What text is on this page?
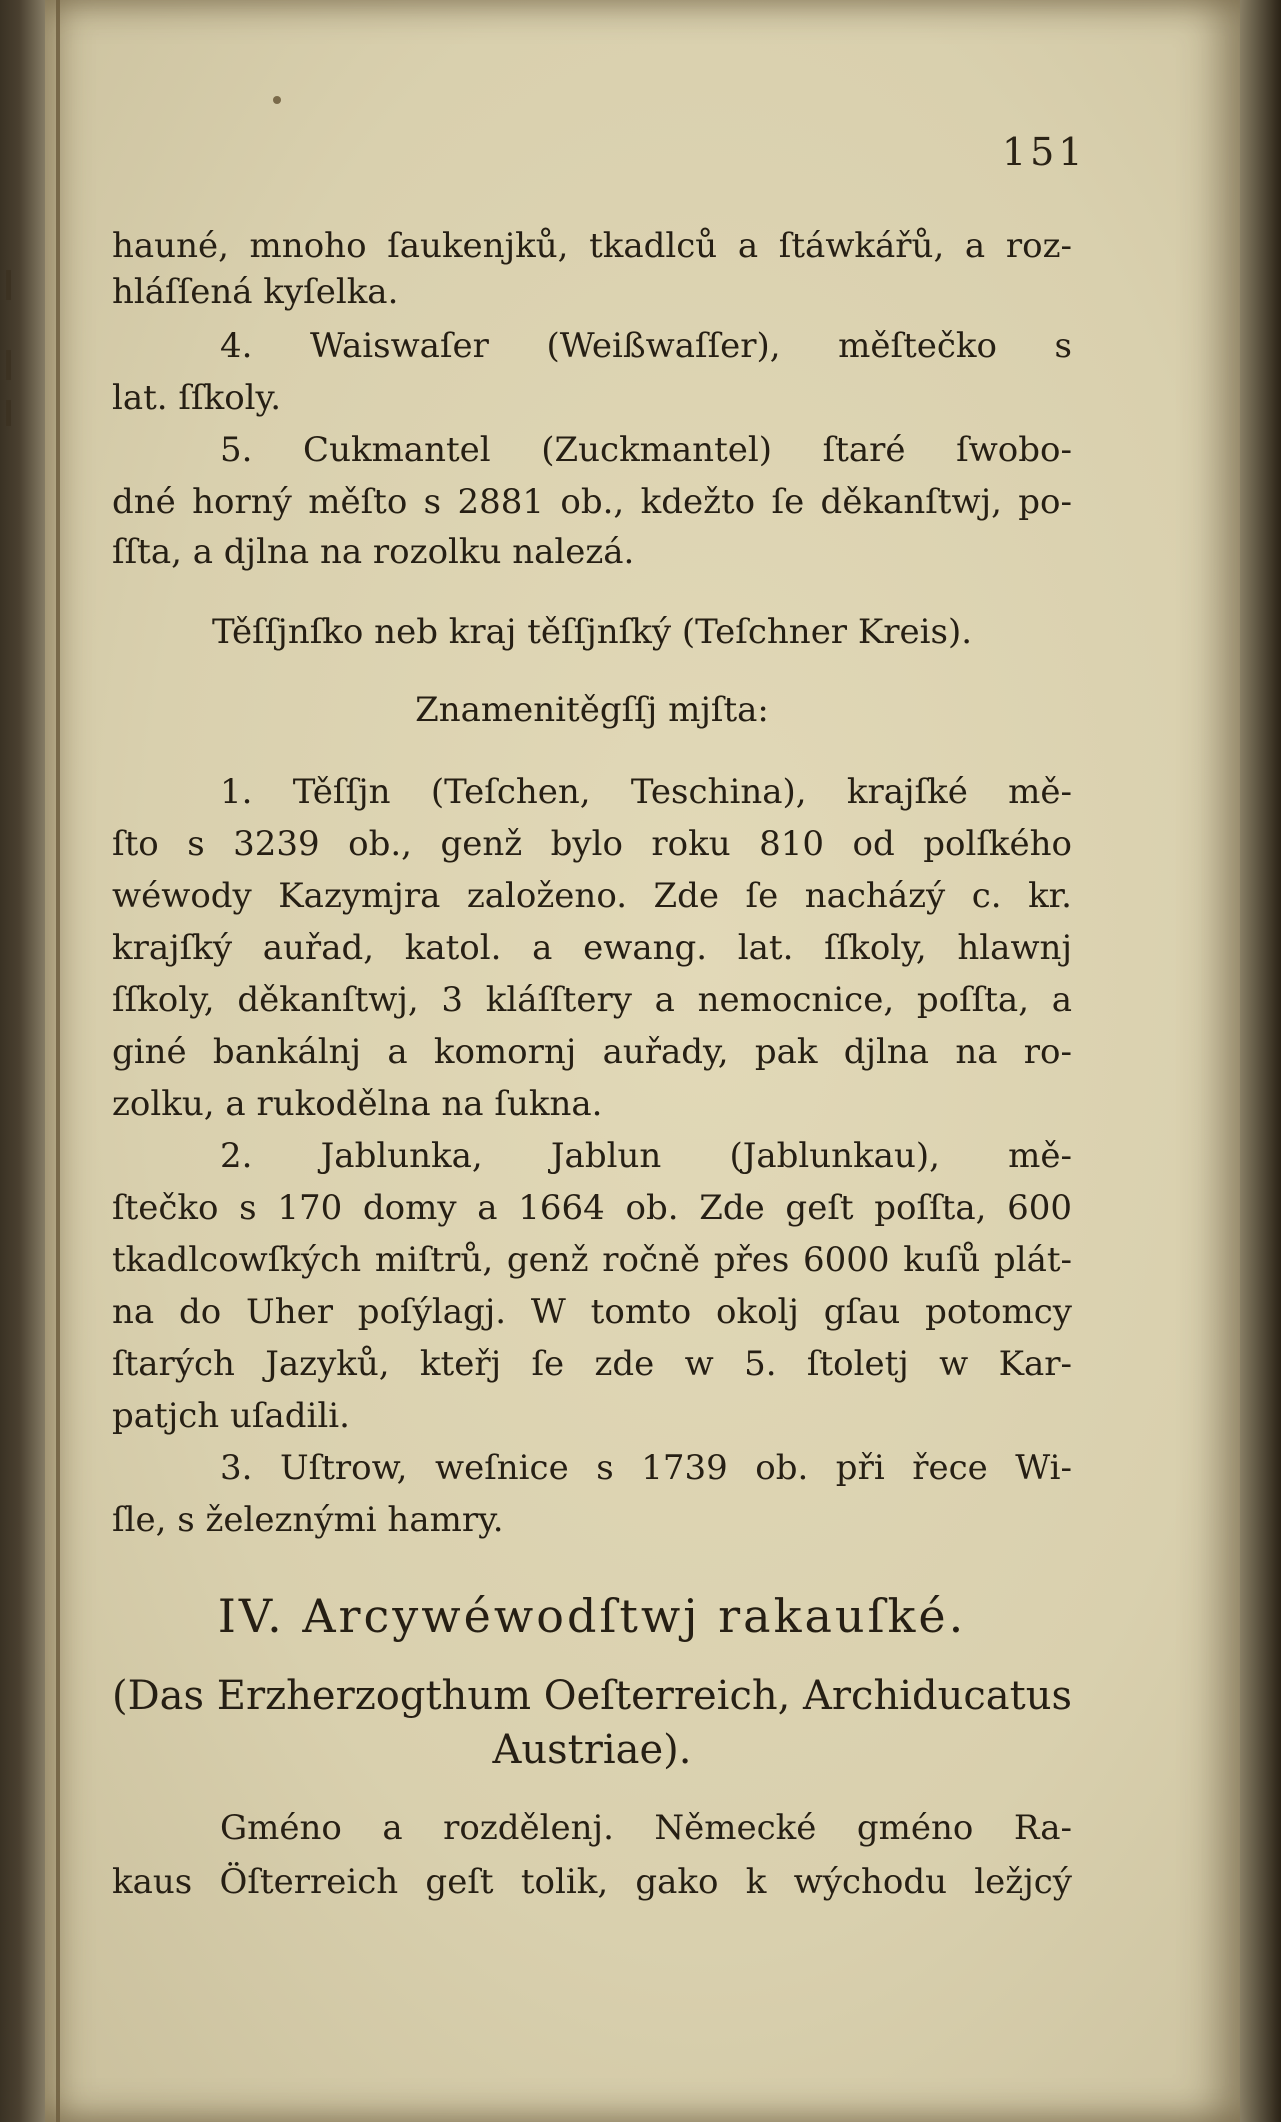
151
hauné, mnoho ſaukenjků, tkadlců a ſtáwkářů, a roz-
hláſſená kyſelka.
4. Waiswaſer (Weißwaſſer), měſtečko s
lat. ſſkoly.
5. Cukmantel (Zuckmantel) ſtaré ſwobo-
dné horný měſto s 2881 ob., kdežto ſe děkanſtwj, po-
ſſta, a djlna na rozolku nalezá.
Těſſjnſko neb kraj těſſjnſký (Teſchner Kreis).
Znamenitěgſſj mjſta:
1. Těſſjn (Teſchen, Teschina), krajſké mě-
ſto s 3239 ob., genž bylo roku 810 od polſkého
wéwody Kazymjra založeno. Zde ſe nacházý c. kr.
krajſký auřad, katol. a ewang. lat. ſſkoly, hlawnj
ſſkoly, děkanſtwj, 3 kláſſtery a nemocnice, poſſta, a
giné bankálnj a komornj auřady, pak djlna na ro-
zolku, a rukodělna na ſukna.
2. Jablunka, Jablun (Jablunkau), mě-
ſtečko s 170 domy a 1664 ob. Zde geſt poſſta, 600
tkadlcowſkých miſtrů, genž ročně přes 6000 kuſů plát-
na do Uher poſýlagj. W tomto okolj gſau potomcy
ſtarých Jazyků, kteřj ſe zde w 5. ſtoletj w Kar-
patjch uſadili.
3. Uſtrow, weſnice s 1739 ob. při řece Wi-
ſle, s železnými hamry.
IV. Arcywéwodſtwj rakauſké.
(Das Erzherzogthum Oeſterreich, Archiducatus
Austriae).
Gméno a rozdělenj. Německé gméno Ra-
kaus Öſterreich geſt tolik, gako k wýchodu ležjcý
